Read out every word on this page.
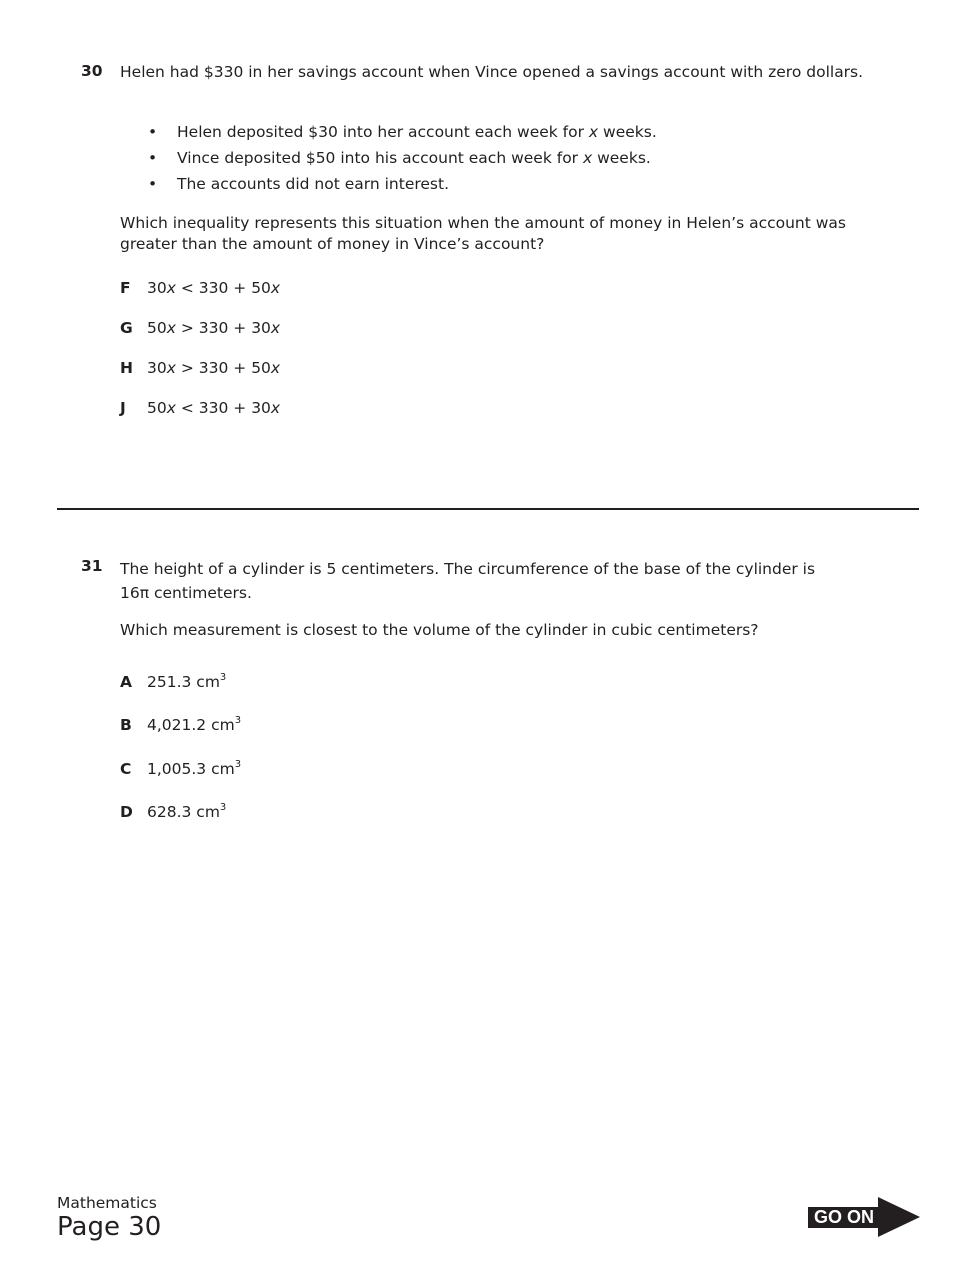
30 Helen had $330 in her savings account when Vince opened a savings account with zero dollars.
• Helen deposited $30 into her account each week for x weeks.
• Vince deposited $50 into his account each week for x weeks.
• The accounts did not earn interest.
Which inequality represents this situation when the amount of money in Helen’s account was greater than the amount of money in Vince’s account?
F 30x < 330 + 50x
G 50x > 330 + 30x
H 30x > 330 + 50x
J 50x < 330 + 30x
31 The height of a cylinder is 5 centimeters. The circumference of the base of the cylinder is
16π centimeters.
Which measurement is closest to the volume of the cylinder in cubic centimeters?
A 251.3 $cm^3$
B 4,021.2 $cm^3$
C 1,005.3 $cm^3$
D 628.3 $cm^3$
Mathematics
Page 30	GO ON
